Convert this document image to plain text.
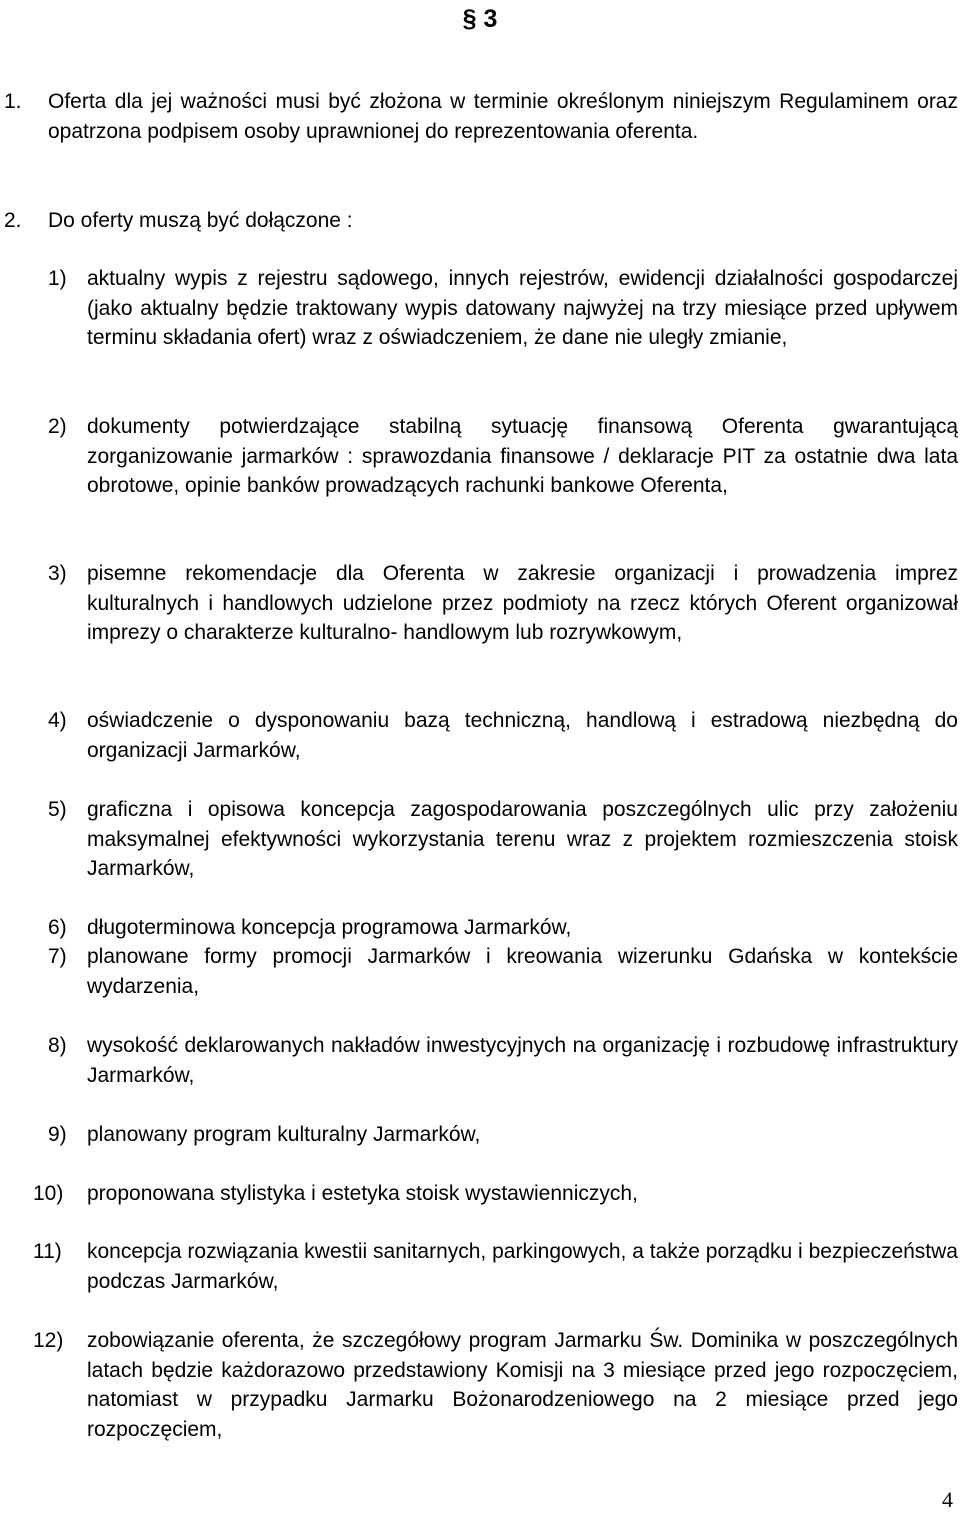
§ 3
1. Oferta dla jej ważności musi być złożona w terminie określonym niniejszym Regulaminem oraz opatrzona podpisem osoby uprawnionej do reprezentowania oferenta.
2. Do oferty muszą być dołączone :
1) aktualny wypis z rejestru sądowego, innych rejestrów, ewidencji działalności gospodarczej (jako aktualny będzie traktowany wypis datowany najwyżej na trzy miesiące przed upływem terminu składania ofert) wraz z oświadczeniem, że dane nie uległy zmianie,
2) dokumenty potwierdzające stabilną sytuację finansową Oferenta gwarantującą zorganizowanie jarmarków : sprawozdania finansowe / deklaracje PIT za ostatnie dwa lata obrotowe, opinie banków prowadzących rachunki bankowe Oferenta,
3) pisemne rekomendacje dla Oferenta w zakresie organizacji i prowadzenia imprez kulturalnych i handlowych udzielone przez podmioty na rzecz których Oferent organizował imprezy o charakterze kulturalno- handlowym lub rozrywkowym,
4) oświadczenie o dysponowaniu bazą techniczną, handlową i estradową niezbędną do organizacji Jarmarków,
5) graficzna i opisowa koncepcja zagospodarowania poszczególnych ulic przy założeniu maksymalnej efektywności wykorzystania terenu wraz z projektem rozmieszczenia stoisk Jarmarków,
6) długoterminowa koncepcja programowa Jarmarków,
7) planowane formy promocji Jarmarków i kreowania wizerunku Gdańska w kontekście wydarzenia,
8) wysokość deklarowanych nakładów inwestycyjnych na organizację i rozbudowę infrastruktury Jarmarków,
9) planowany program kulturalny Jarmarków,
10) proponowana stylistyka i estetyka stoisk wystawienniczych,
11) koncepcja rozwiązania kwestii sanitarnych, parkingowych, a także porządku i bezpieczeństwa podczas Jarmarków,
12) zobowiązanie oferenta, że szczegółowy program Jarmarku Św. Dominika w poszczególnych latach będzie każdorazowo przedstawiony Komisji na 3 miesiące przed jego rozpoczęciem, natomiast w przypadku Jarmarku Bożonarodzeniowego na 2 miesiące przed jego rozpoczęciem,
4
